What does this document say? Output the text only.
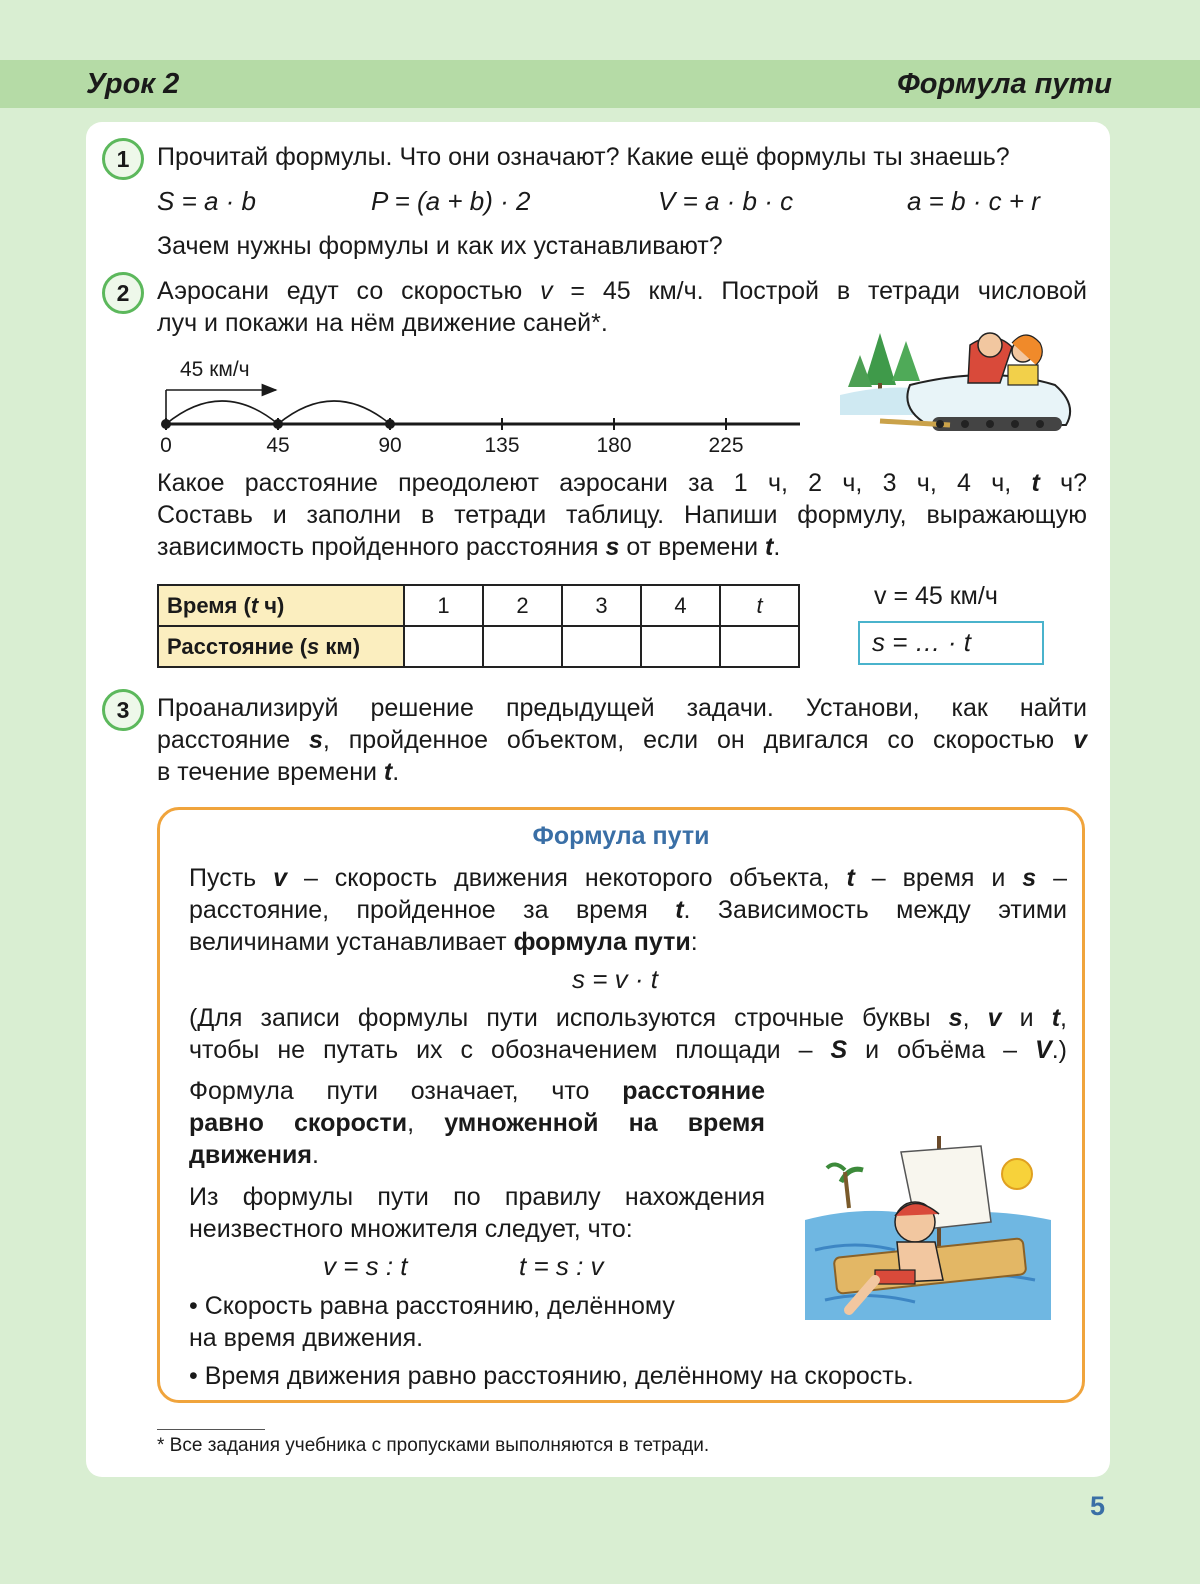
Урок 2	Формула пути
1	Прочитай формулы. Что они означают? Какие ещё формулы ты знаешь?
S = a · b	P = (a + b) · 2	V = a · b · c	a = b · c + r
Зачем нужны формулы и как их устанавливают?
2	Аэросани едут со скоростью v = 45 км/ч. Построй в тетради числовой
луч и покажи на нём движение саней*.
45 км/ч
0	45	90	135	180	225
Какое расстояние преодолеют аэросани за 1 ч, 2 ч, 3 ч, 4 ч, t ч?
Составь и заполни в тетради таблицу. Напиши формулу, выражающую
зависимость пройденного расстояния s от времени t.
Время (t ч)	1	2	3	4	t
Расстояние (s км)					
v = 45 км/ч
s = … · t
3	Проанализируй решение предыдущей задачи. Установи, как найти
расстояние s, пройденное объектом, если он двигался со скоростью v
в течение времени t.
Формула пути
Пусть v – скорость движения некоторого объекта, t – время и s –
расстояние, пройденное за время t. Зависимость между этими
величинами устанавливает формула пути:
s = v · t
(Для записи формулы пути используются строчные буквы s, v и t,
чтобы не путать их с обозначением площади – S и объёма – V.)
Формула пути означает, что расстояние
равно скорости, умноженной на время
движения.
Из формулы пути по правилу нахождения
неизвестного множителя следует, что:
v = s : t	t = s : v
• Скорость равна расстоянию, делённому
на время движения.
• Время движения равно расстоянию, делённому на скорость.
* Все задания учебника с пропусками выполняются в тетради.
5
